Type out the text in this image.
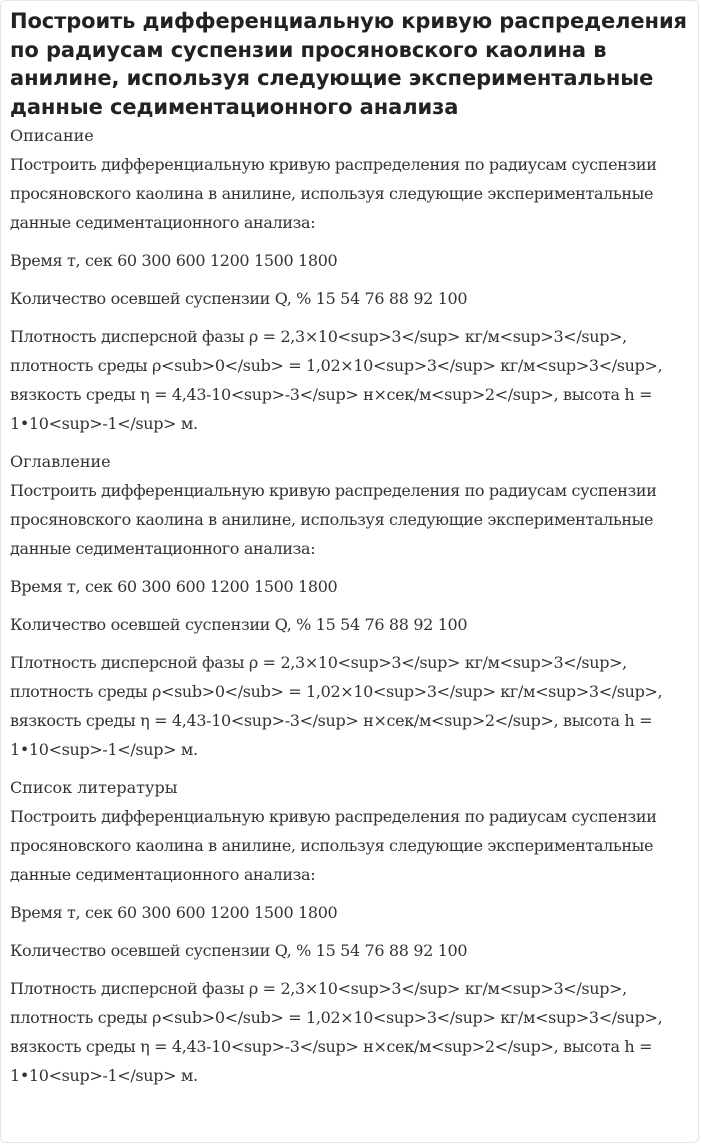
Построить дифференциальную кривую распределения по радиусам суспензии просяновского каолина в анилине, используя следующие экспериментальные данные седиментационного анализа
Описание

Построить дифференциальную кривую распределения по радиусам суспензии просяновского каолина в анилине, используя следующие экспериментальные данные седиментационного анализа:

Время т, сек 60 300 600 1200 1500 1800

Количество осевшей суспензии Q, % 15 54 76 88 92 100

Плотность дисперсной фазы ρ = 2,3×10<sup>3</sup> кг/м<sup>3</sup>, плотность среды ρ<sub>0</sub> = 1,02×10<sup>3</sup> кг/м<sup>3</sup>, вязкость среды η = 4,43-10<sup>-3</sup> н×сек/м<sup>2</sup>, высота h = 1•10<sup>-1</sup> м.

Оглавление

Построить дифференциальную кривую распределения по радиусам суспензии просяновского каолина в анилине, используя следующие экспериментальные данные седиментационного анализа:

Время т, сек 60 300 600 1200 1500 1800

Количество осевшей суспензии Q, % 15 54 76 88 92 100

Плотность дисперсной фазы ρ = 2,3×10<sup>3</sup> кг/м<sup>3</sup>, плотность среды ρ<sub>0</sub> = 1,02×10<sup>3</sup> кг/м<sup>3</sup>, вязкость среды η = 4,43-10<sup>-3</sup> н×сек/м<sup>2</sup>, высота h = 1•10<sup>-1</sup> м.

Список литературы

Построить дифференциальную кривую распределения по радиусам суспензии просяновского каолина в анилине, используя следующие экспериментальные данные седиментационного анализа:

Время т, сек 60 300 600 1200 1500 1800

Количество осевшей суспензии Q, % 15 54 76 88 92 100

Плотность дисперсной фазы ρ = 2,3×10<sup>3</sup> кг/м<sup>3</sup>, плотность среды ρ<sub>0</sub> = 1,02×10<sup>3</sup> кг/м<sup>3</sup>, вязкость среды η = 4,43-10<sup>-3</sup> н×сек/м<sup>2</sup>, высота h = 1•10<sup>-1</sup> м.
